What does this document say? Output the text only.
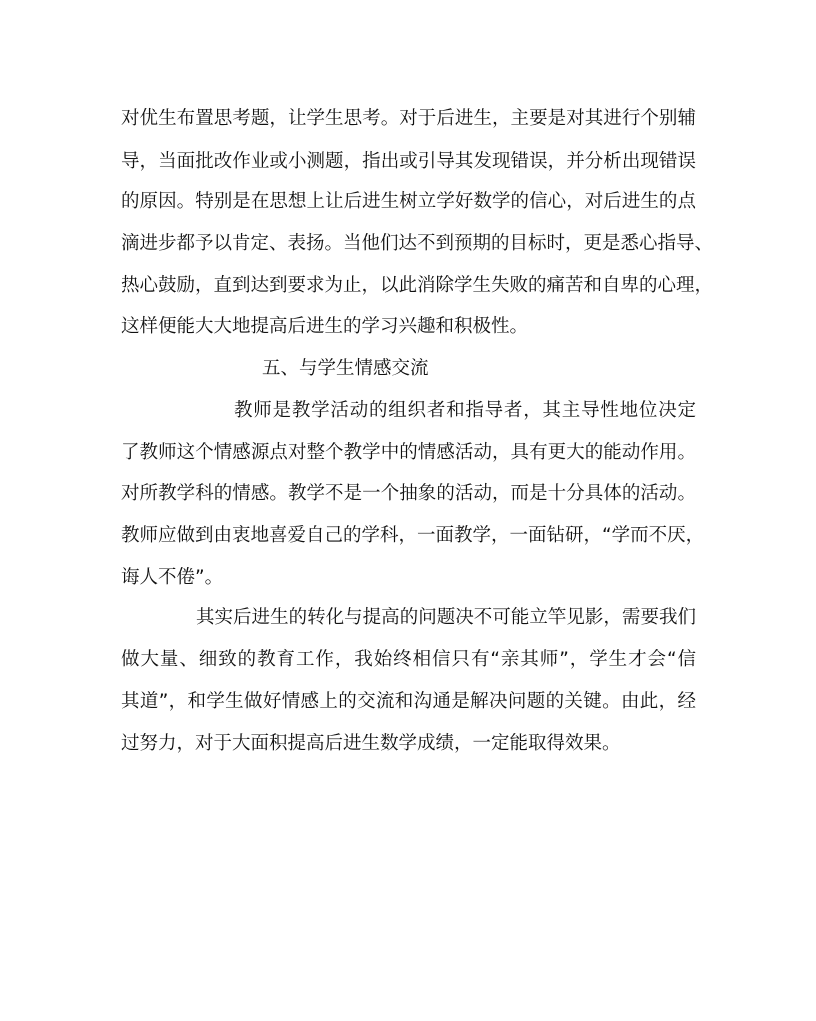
对优生布置思考题，让学生思考。对于后进生，主要是对其进行个别辅
导，当面批改作业或小测题，指出或引导其发现错误，并分析出现错误
的原因。特别是在思想上让后进生树立学好数学的信心，对后进生的点
滴进步都予以肯定、表扬。当他们达不到预期的目标时，更是悉心指导、
热心鼓励，直到达到要求为止，以此消除学生失败的痛苦和自卑的心理，
这样便能大大地提高后进生的学习兴趣和积极性。
五、与学生情感交流
教师是教学活动的组织者和指导者，其主导性地位决定
了教师这个情感源点对整个教学中的情感活动，具有更大的能动作用。
对所教学科的情感。教学不是一个抽象的活动，而是十分具体的活动。
教师应做到由衷地喜爱自己的学科，一面教学，一面钻研，“学而不厌，
诲人不倦”。
其实后进生的转化与提高的问题决不可能立竿见影，需要我们
做大量、细致的教育工作，我始终相信只有“亲其师”，学生才会“信
其道”，和学生做好情感上的交流和沟通是解决问题的关键。由此，经
过努力，对于大面积提高后进生数学成绩，一定能取得效果。
